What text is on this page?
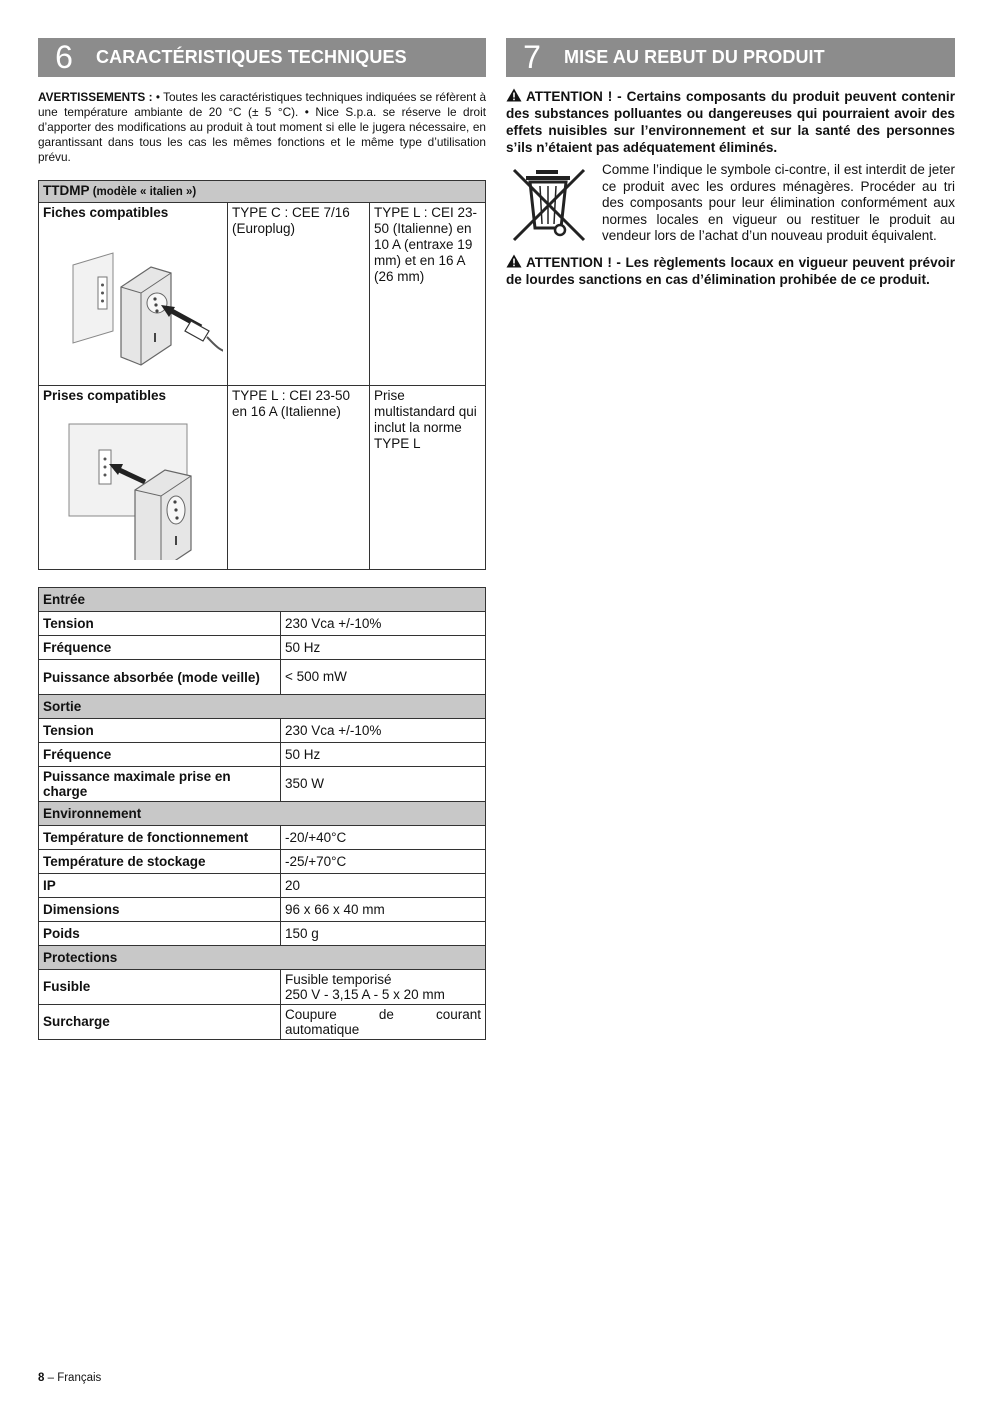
6	CARACTÉRISTIQUES TECHNIQUES
AVERTISSEMENTS : • Toutes les caractéristiques techniques indiquées se réfèrent à une température ambiante de 20 °C (± 5 °C). • Nice S.p.a. se réserve le droit d’apporter des modifications au produit à tout moment si elle le jugera nécessaire, en garantissant dans tous les cas les mêmes fonctions et le même type d’utilisation prévu.
TTDMP (modèle « italien »)		

Fiches compatibles	TYPE C : CEE 7/16 (Europlug)	TYPE L : CEI 23-50 (Italienne) en 10 A (entraxe 19 mm) et en 16 A (26 mm)

Prises compatibles	TYPE L : CEI 23-50 en 16 A (Italienne)	Prise multistandard qui inclut la norme TYPE L
Entrée	
Tension	230 Vca +/-10%
Fréquence	50 Hz
Puissance absorbée (mode veille)	< 500 mW
Sortie	
Tension	230 Vca +/-10%
Fréquence	50 Hz
Puissance maximale prise en charge	350 W
Environnement	
Température de fonctionnement	-20/+40°C
Température de stockage	-25/+70°C
IP	20
Dimensions	96 x 66 x 40 mm
Poids	150 g
Protections	
Fusible	Fusible temporisé
250 V - 3,15 A - 5 x 20 mm

Surcharge	Coupure de courant automatique
7	MISE AU REBUT DU PRODUIT
ATTENTION ! - Certains composants du produit peuvent contenir des substances polluantes ou dangereuses qui pourraient avoir des effets nuisibles sur l’environnement et sur la santé des personnes s’ils n’étaient pas adéquatement éliminés.
Comme l’indique le symbole ci-contre, il est interdit de jeter ce produit avec les ordures ménagères. Procéder au tri des composants pour leur élimination conformément aux normes locales en vigueur ou restituer le produit au vendeur lors de l’achat d’un nouveau produit équivalent.
ATTENTION ! - Les règlements locaux en vigueur peuvent prévoir de lourdes sanctions en cas d’élimination prohibée de ce produit.
8 – Français
